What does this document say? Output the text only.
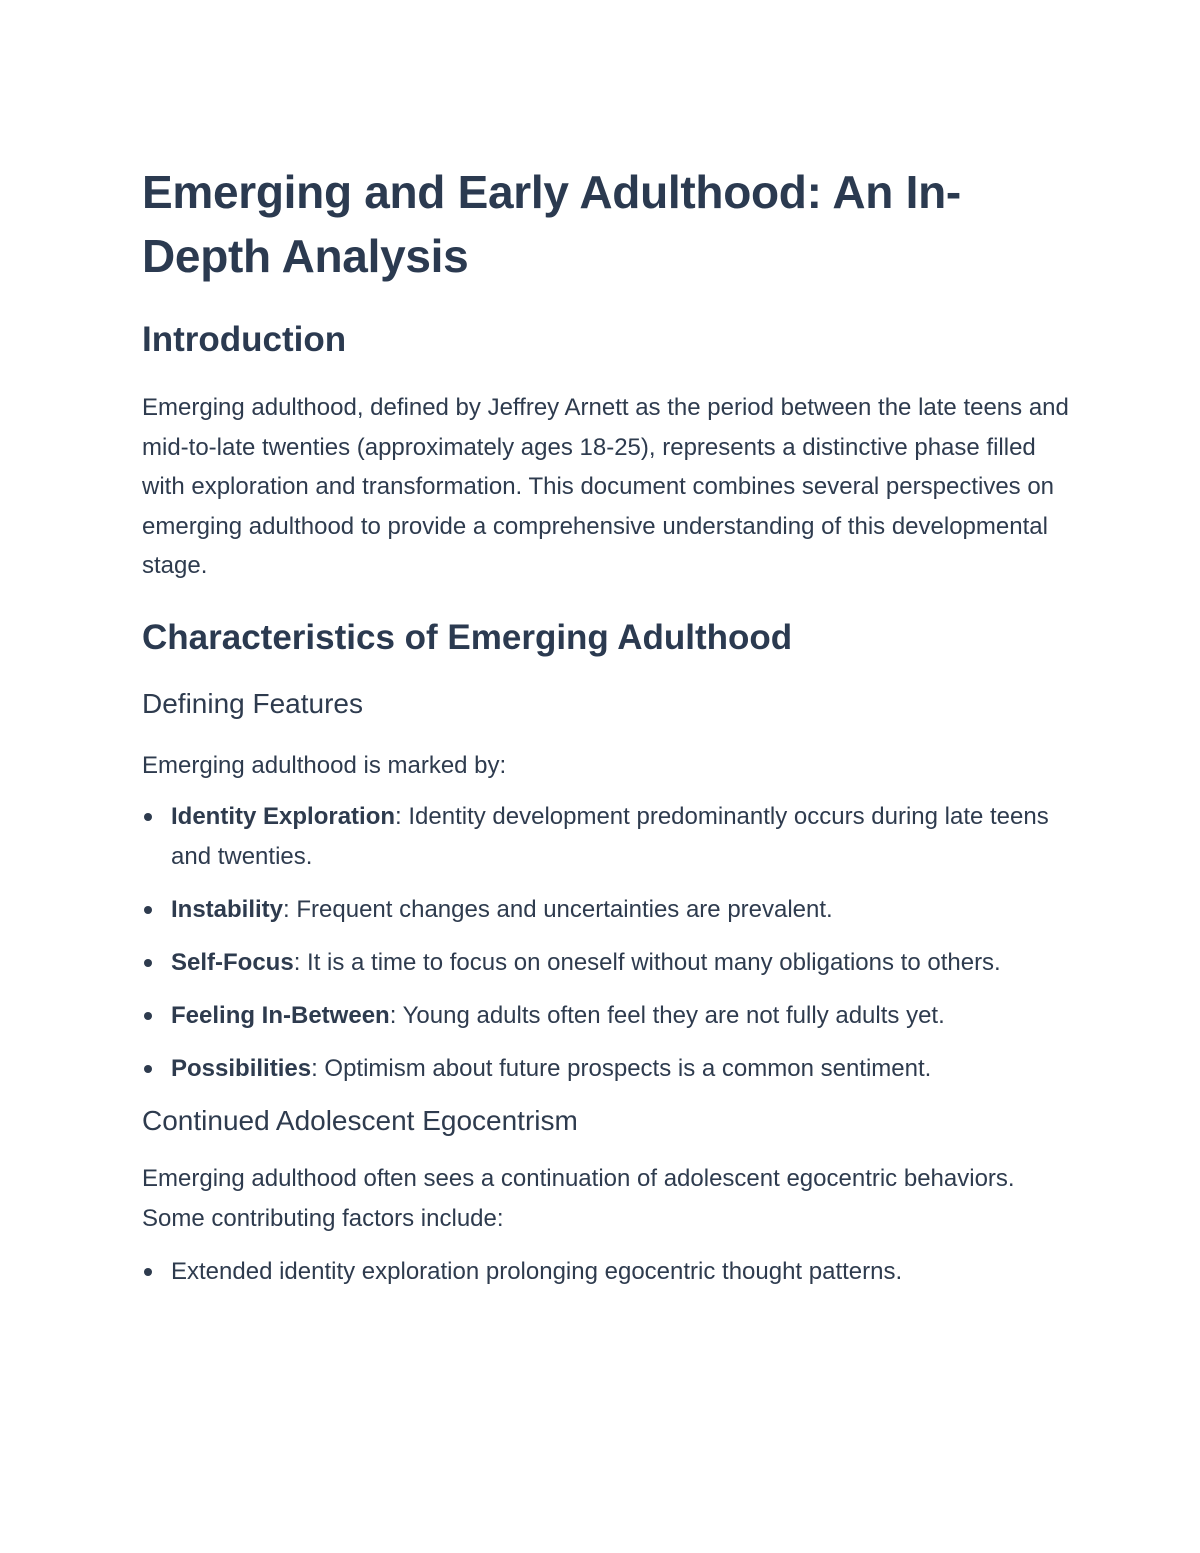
Emerging and Early Adulthood: An In-Depth Analysis
Introduction

Emerging adulthood, defined by Jeffrey Arnett as the period between the late teens and mid-to-late twenties (approximately ages 18-25), represents a distinctive phase filled with exploration and transformation. This document combines several perspectives on emerging adulthood to provide a comprehensive understanding of this developmental stage.

Characteristics of Emerging Adulthood
Defining Features

Emerging adulthood is marked by:

Identity Exploration: Identity development predominantly occurs during late teens and twenties.
Instability: Frequent changes and uncertainties are prevalent.
Self-Focus: It is a time to focus on oneself without many obligations to others.
Feeling In-Between: Young adults often feel they are not fully adults yet.
Possibilities: Optimism about future prospects is a common sentiment.
Continued Adolescent Egocentrism

Emerging adulthood often sees a continuation of adolescent egocentric behaviors. Some contributing factors include:

Extended identity exploration prolonging egocentric thought patterns.
